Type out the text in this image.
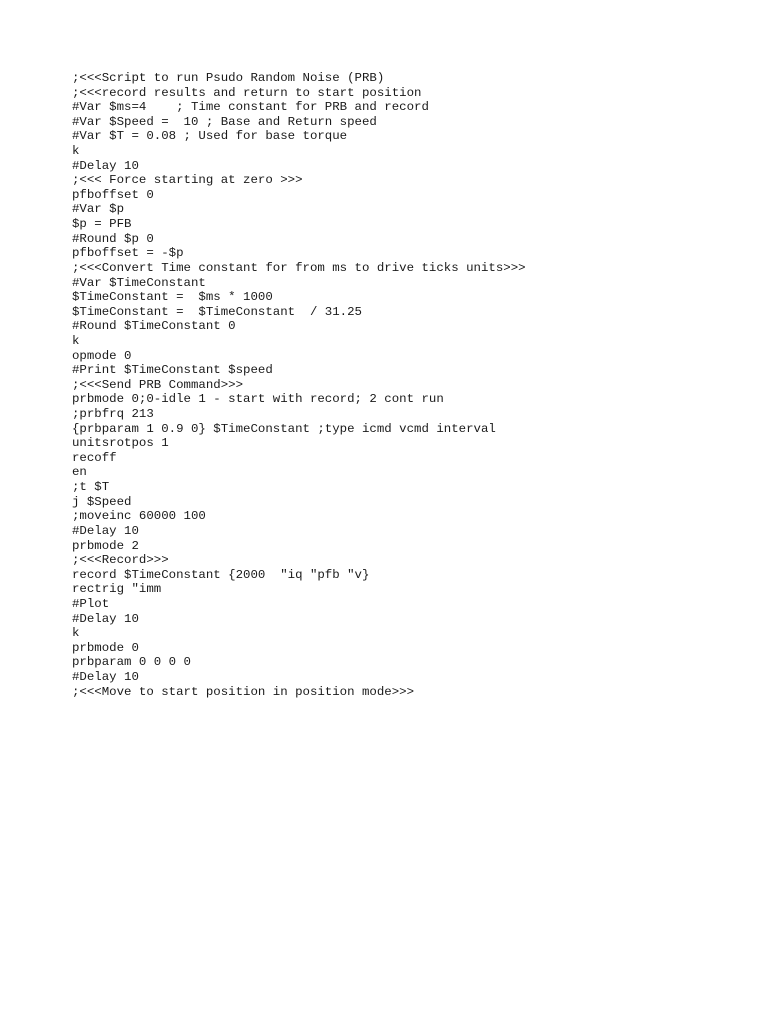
;<<<Script to run Psudo Random Noise (PRB)
;<<<record results and return to start position
#Var $ms=4    ; Time constant for PRB and record
#Var $Speed =  10 ; Base and Return speed
#Var $T = 0.08 ; Used for base torque
k
#Delay 10
;<<< Force starting at zero >>>
pfboffset 0
#Var $p
$p = PFB
#Round $p 0
pfboffset = -$p
;<<<Convert Time constant for from ms to drive ticks units>>>
#Var $TimeConstant
$TimeConstant =  $ms * 1000
$TimeConstant =  $TimeConstant  / 31.25
#Round $TimeConstant 0
k
opmode 0
#Print $TimeConstant $speed
;<<<Send PRB Command>>>
prbmode 0;0-idle 1 - start with record; 2 cont run
;prbfrq 213
{prbparam 1 0.9 0} $TimeConstant ;type icmd vcmd interval
unitsrotpos 1
recoff
en
;t $T
j $Speed
;moveinc 60000 100
#Delay 10
prbmode 2
;<<<Record>>>
record $TimeConstant {2000  "iq "pfb "v}
rectrig "imm
#Plot
#Delay 10
k
prbmode 0
prbparam 0 0 0 0
#Delay 10
;<<<Move to start position in position mode>>>
